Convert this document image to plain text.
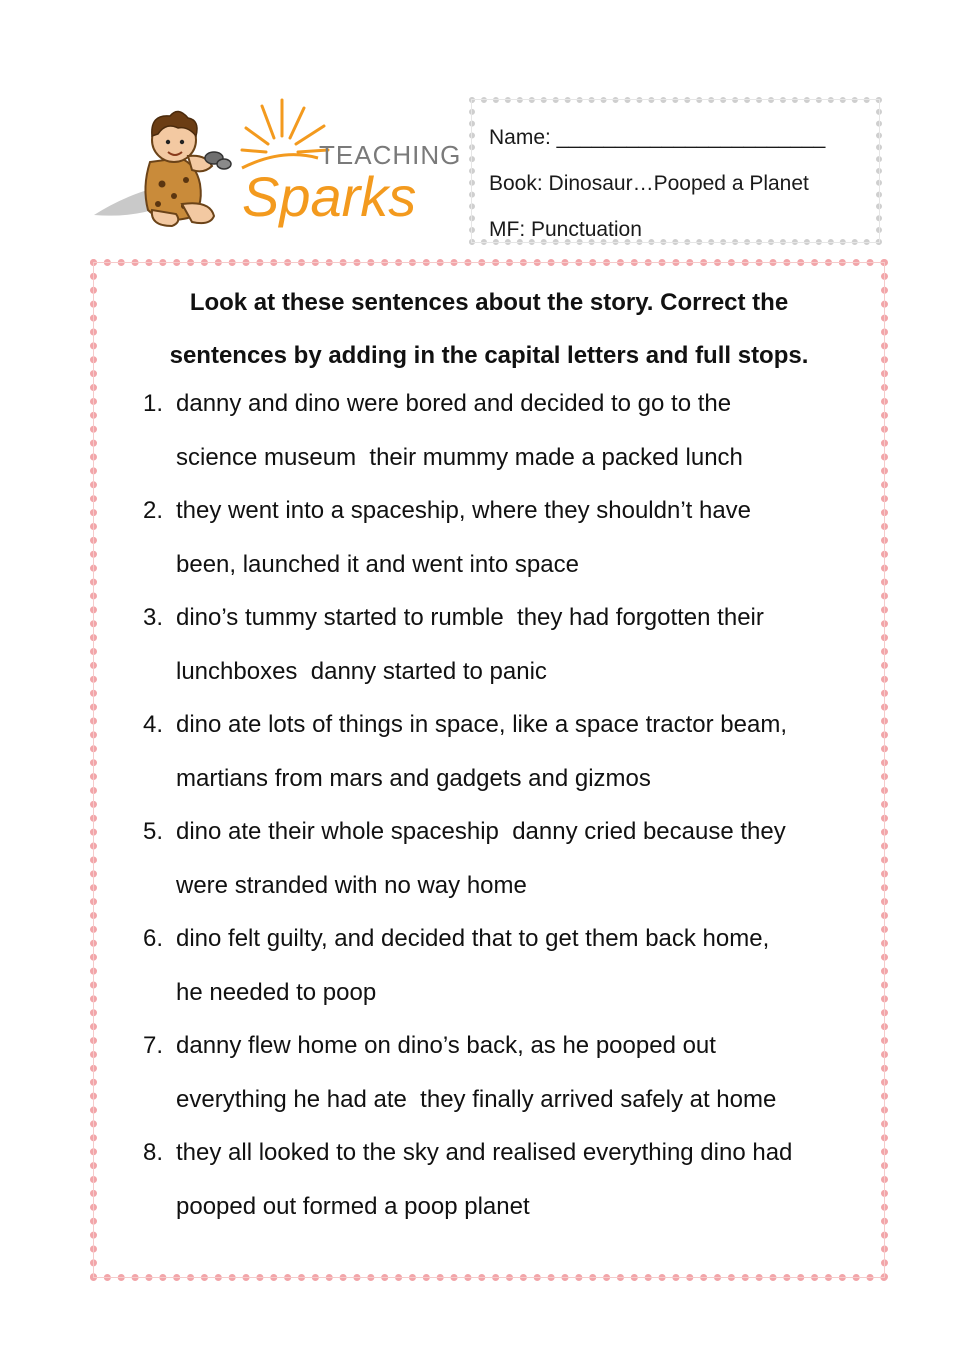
TEACHING
Sparks
Name: _______________________
Book: Dinosaur…Pooped a Planet
MF: Punctuation
Look at these sentences about the story. Correct the
sentences by adding in the capital letters and full stops.
1. danny and dino were bored and decided to go to the
science museum  their mummy made a packed lunch
2. they went into a spaceship, where they shouldn’t have
been, launched it and went into space
3. dino’s tummy started to rumble  they had forgotten their
lunchboxes  danny started to panic
4. dino ate lots of things in space, like a space tractor beam,
martians from mars and gadgets and gizmos
5. dino ate their whole spaceship  danny cried because they
were stranded with no way home
6. dino felt guilty, and decided that to get them back home,
he needed to poop
7. danny flew home on dino’s back, as he pooped out
everything he had ate  they finally arrived safely at home
8. they all looked to the sky and realised everything dino had
pooped out formed a poop planet
